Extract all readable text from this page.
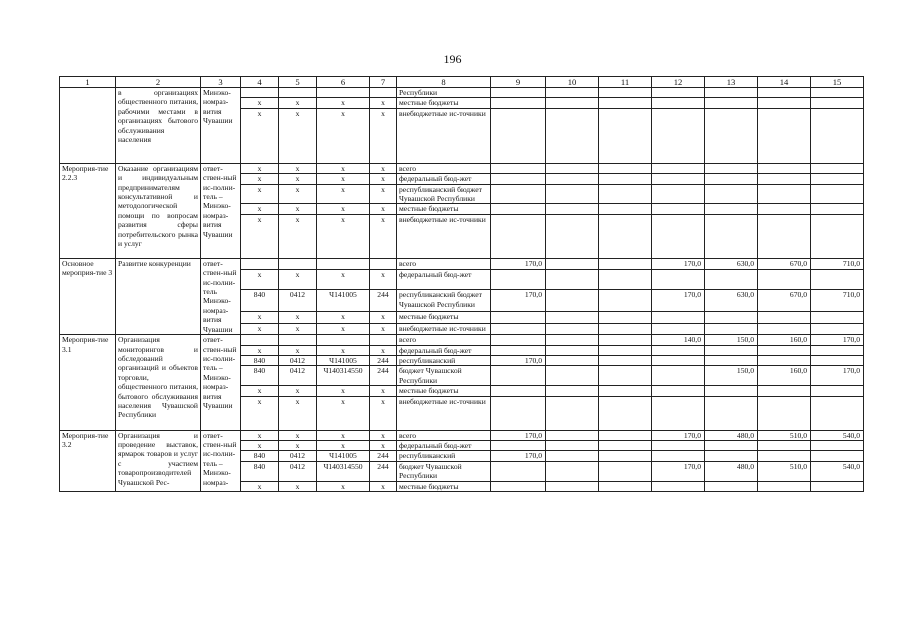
196
1	2	3	4	5	6	7	8	9	10	11	12	13	14	15
	в организациях общественного питания, рабочими местами в организациях бытового обслуживания населения	Минэко-номраз-вития Чувашии					Республики							
			x	x	x	x	местные бюджеты							
			x	x	x	x	внебюджетные ис-точники							
Мероприя-тие 2.2.3	Оказание организациям и индивидуальным предпринимателям консультативной и методологической помощи по вопросам развития сферы потребительского рынка и услуг	ответ-ствен-ный ис-полни-тель – Минэко-номраз-вития Чувашии	x	x	x	x	всего							
			x	x	x	x	федеральный бюд-жет							
			x	x	x	x	республиканский бюджет Чувашской Республики							
			x	x	x	x	местные бюджеты							
			x	x	x	x	внебюджетные ис-точники							
Основное мероприя-тие 3	Развитие конкуренции	ответ-ствен-ный ис-полни-тель Минэко-номраз-вития Чувашии					всего	170,0			170,0	630,0	670,0	710,0
			x	x	x	x	федеральный бюд-жет							
			840	0412	Ч141005	244	республиканский бюджет Чувашской Республики	170,0			170,0	630,0	670,0	710,0
			x	x	x	x	местные бюджеты							
			x	x	x	x	внебюджетные ис-точники							
Мероприя-тие 3.1	Организация мониторингов и обследований организаций и объектов торговли, общественного питания, бытового обслуживания населения Чувашской Республики	ответ-ствен-ный ис-полни-тель – Минэко-номраз-вития Чувашии					всего				140,0	150,0	160,0	170,0
			x	x	x	x	федеральный бюд-жет							
			840	0412	Ч141005	244	республиканский	170,0						
			840	0412	Ч140314550	244	бюджет Чувашской Республики					150,0	160,0	170,0
			x	x	x	x	местные бюджеты							
			x	x	x	x	внебюджетные ис-точники							
Мероприя-тие 3.2	Организация и проведение выставок, ярмарок товаров и услуг с участием товаропроизводителей Чувашской Рес-	ответ-ствен-ный ис-полни-тель – Минэко-номраз-	x	x	x	x	всего	170,0			170,0	480,0	510,0	540,0
			x	x	x	x	федеральный бюд-жет							
			840	0412	Ч141005	244	республиканский	170,0						
			840	0412	Ч140314550	244	бюджет Чувашской Республики				170,0	480,0	510,0	540,0
			x	x	x	x	местные бюджеты							
